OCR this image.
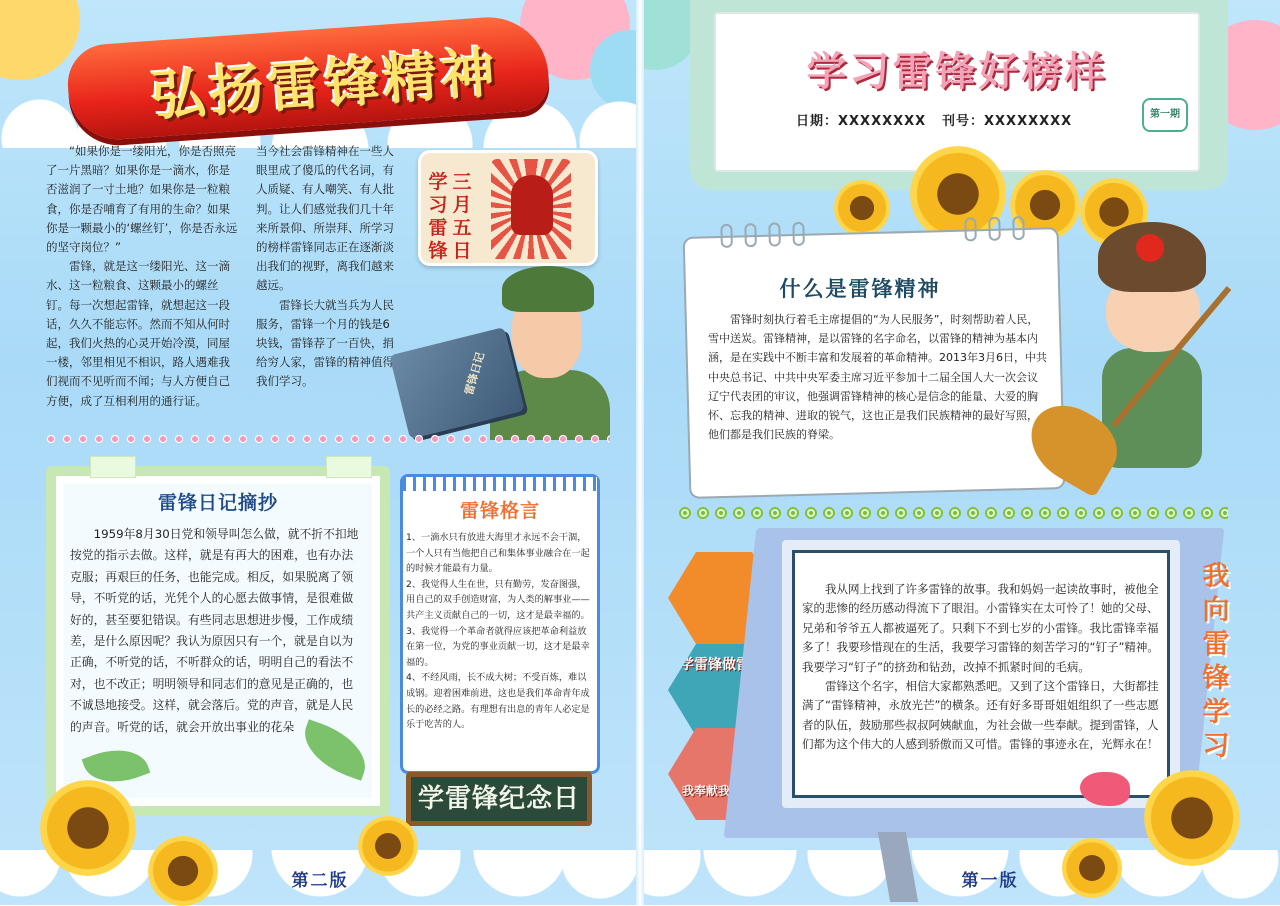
弘扬雷锋精神

“如果你是一缕阳光，你是否照亮了一片黑暗？如果你是一滴水，你是否滋润了一寸土地？如果你是一粒粮食，你是否哺育了有用的生命？如果你是一颗最小的‘螺丝钉’，你是否永远的坚守岗位？”

雷锋，就是这一缕阳光、这一滴水、这一粒粮食、这颗最小的螺丝钉。每一次想起雷锋，就想起这一段话，久久不能忘怀。然而不知从何时起，我们火热的心灵开始冷漠，同屋一楼，邻里相见不相识，路人遇难我们视而不见听而不闻；与人方便自己方便，成了互相利用的通行证。

当今社会雷锋精神在一些人眼里成了傻瓜的代名词，有人质疑、有人嘲笑、有人批判。让人们感觉我们几十年来所景仰、所崇拜、所学习的榜样雷锋同志正在逐渐淡出我们的视野，离我们越来越远。

雷锋长大就当兵为人民服务，雷锋一个月的钱是6块钱，雷锋荐了一百快，捐给穷人家，雷锋的精神值得我们学习。

学习雷锋
三月五日
雷锋日记
雷锋日记摘抄

1959年8月30日党和领导叫怎么做，就不折不扣地按党的指示去做。这样，就是有再大的困难，也有办法克服；再艰巨的任务，也能完成。相反，如果脱离了领导，不听党的话，光凭个人的心愿去做事情，是很难做好的，甚至要犯错误。有些同志思想进步慢，工作成绩差，是什么原因呢？我认为原因只有一个，就是自以为正确，不听党的话，不听群众的话，明明自己的看法不对，也不改正；明明领导和同志们的意见是正确的，也不诚恳地接受。这样，就会落后。党的声音，就是人民的声音。听党的话，就会开放出事业的花朵

雷锋格言

1、一滴水只有放进大海里才永远不会干涸，一个人只有当他把自己和集体事业融合在一起的时候才能最有力量。

2、我觉得人生在世，只有勤劳，发奋图强，用自己的双手创造财富，为人类的解事业——共产主义贡献自己的一切，这才是最幸福的。

3、我觉得一个革命者就得应该把革命利益放在第一位，为党的事业贡献一切，这才是最幸福的。

4、不经风雨，长不成大树；不受百炼，难以成钢。迎着困难前进，这也是我们革命青年成长的必经之路。有理想有出息的青年人必定是乐于吃苦的人。

学雷锋纪念日
第二版
学习雷锋好榜样
日期：XXXXXXXX 刊号：XXXXXXXX	第一期
什么是雷锋精神

雷锋时刻执行着毛主席提倡的“为人民服务”，时刻帮助着人民，雪中送炭。雷锋精神，是以雷锋的名字命名，以雷锋的精神为基本内涵，是在实践中不断丰富和发展着的革命精神。2013年3月6日，中共中央总书记、中共中央军委主席习近平参加十二届全国人大一次会议辽宁代表团的审议，他强调雷锋精神的核心是信念的能量、大爱的胸怀、忘我的精神、进取的锐气，这也正是我们民族精神的最好写照，他们都是我们民族的脊梁。

学雷锋做雷锋
我奉献我快乐

我从网上找到了许多雷锋的故事。我和妈妈一起读故事时，被他全家的悲惨的经历感动得流下了眼泪。小雷锋实在太可怜了！她的父母、兄弟和爷爷五人都被逼死了。只剩下不到七岁的小雷锋。我比雷锋幸福多了！我要珍惜现在的生活，我要学习雷锋的刻苦学习的“钉子”精神。我要学习“钉子”的挤劲和钻劲，改掉不抓紧时间的毛病。

雷锋这个名字，相信大家都熟悉吧。又到了这个雷锋日，大街都挂满了“雷锋精神，永放光芒”的横条。还有好多哥哥姐姐组织了一些志愿者的队伍，鼓励那些叔叔阿姨献血，为社会做一些奉献。提到雷锋，人们都为这个伟大的人感到骄傲而又可惜。雷锋的事迹永在，光辉永在！

我向雷锋学习
第一版
